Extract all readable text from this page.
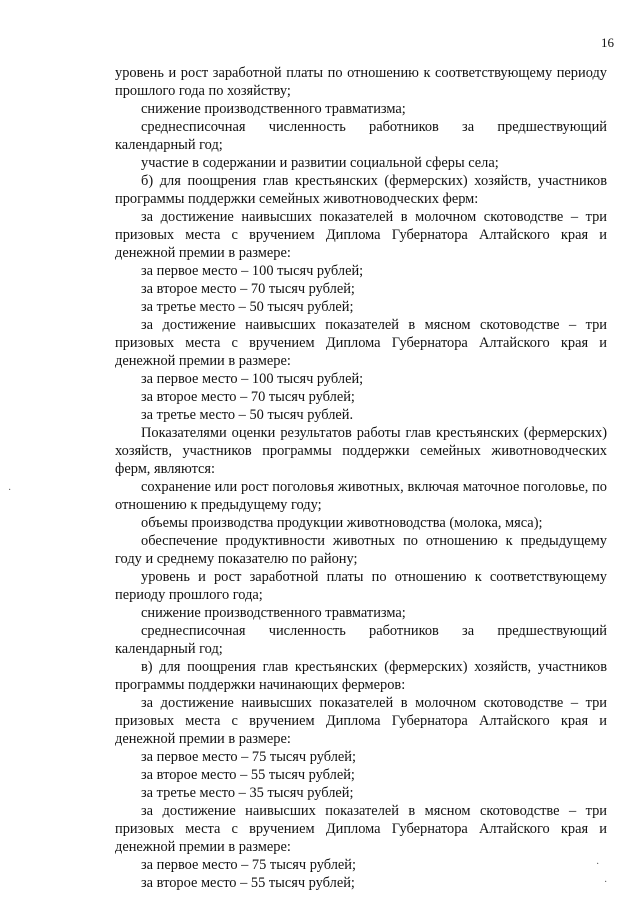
16

уровень и рост заработной платы по отношению к соответствующему периоду прошлого года по хозяйству;

снижение производственного травматизма;

среднесписочная численность работников за предшествующий календарный год;

участие в содержании и развитии социальной сферы села;

б) для поощрения глав крестьянских (фермерских) хозяйств, участников программы поддержки семейных животноводческих ферм:

за достижение наивысших показателей в молочном скотоводстве – три призовых места с вручением Диплома Губернатора Алтайского края и денежной премии в размере:

за первое место – 100 тысяч рублей;

за второе место – 70 тысяч рублей;

за третье место – 50 тысяч рублей;

за достижение наивысших показателей в мясном скотоводстве – три призовых места с вручением Диплома Губернатора Алтайского края и денежной премии в размере:

за первое место – 100 тысяч рублей;

за второе место – 70 тысяч рублей;

за третье место – 50 тысяч рублей.

Показателями оценки результатов работы глав крестьянских (фермерских) хозяйств, участников программы поддержки семейных животноводческих ферм, являются:

сохранение или рост поголовья животных, включая маточное поголовье, по отношению к предыдущему году;

объемы производства продукции животноводства (молока, мяса);

обеспечение продуктивности животных по отношению к предыдущему году и среднему показателю по району;

уровень и рост заработной платы по отношению к соответствующему периоду прошлого года;

снижение производственного травматизма;

среднесписочная численность работников за предшествующий календарный год;

в) для поощрения глав крестьянских (фермерских) хозяйств, участников программы поддержки начинающих фермеров:

за достижение наивысших показателей в молочном скотоводстве – три призовых места с вручением Диплома Губернатора Алтайского края и денежной премии в размере:

за первое место – 75 тысяч рублей;

за второе место – 55 тысяч рублей;

за третье место – 35 тысяч рублей;

за достижение наивысших показателей в мясном скотоводстве – три призовых места с вручением Диплома Губернатора Алтайского края и денежной премии в размере:

за первое место – 75 тысяч рублей;

за второе место – 55 тысяч рублей;

·
·
·
